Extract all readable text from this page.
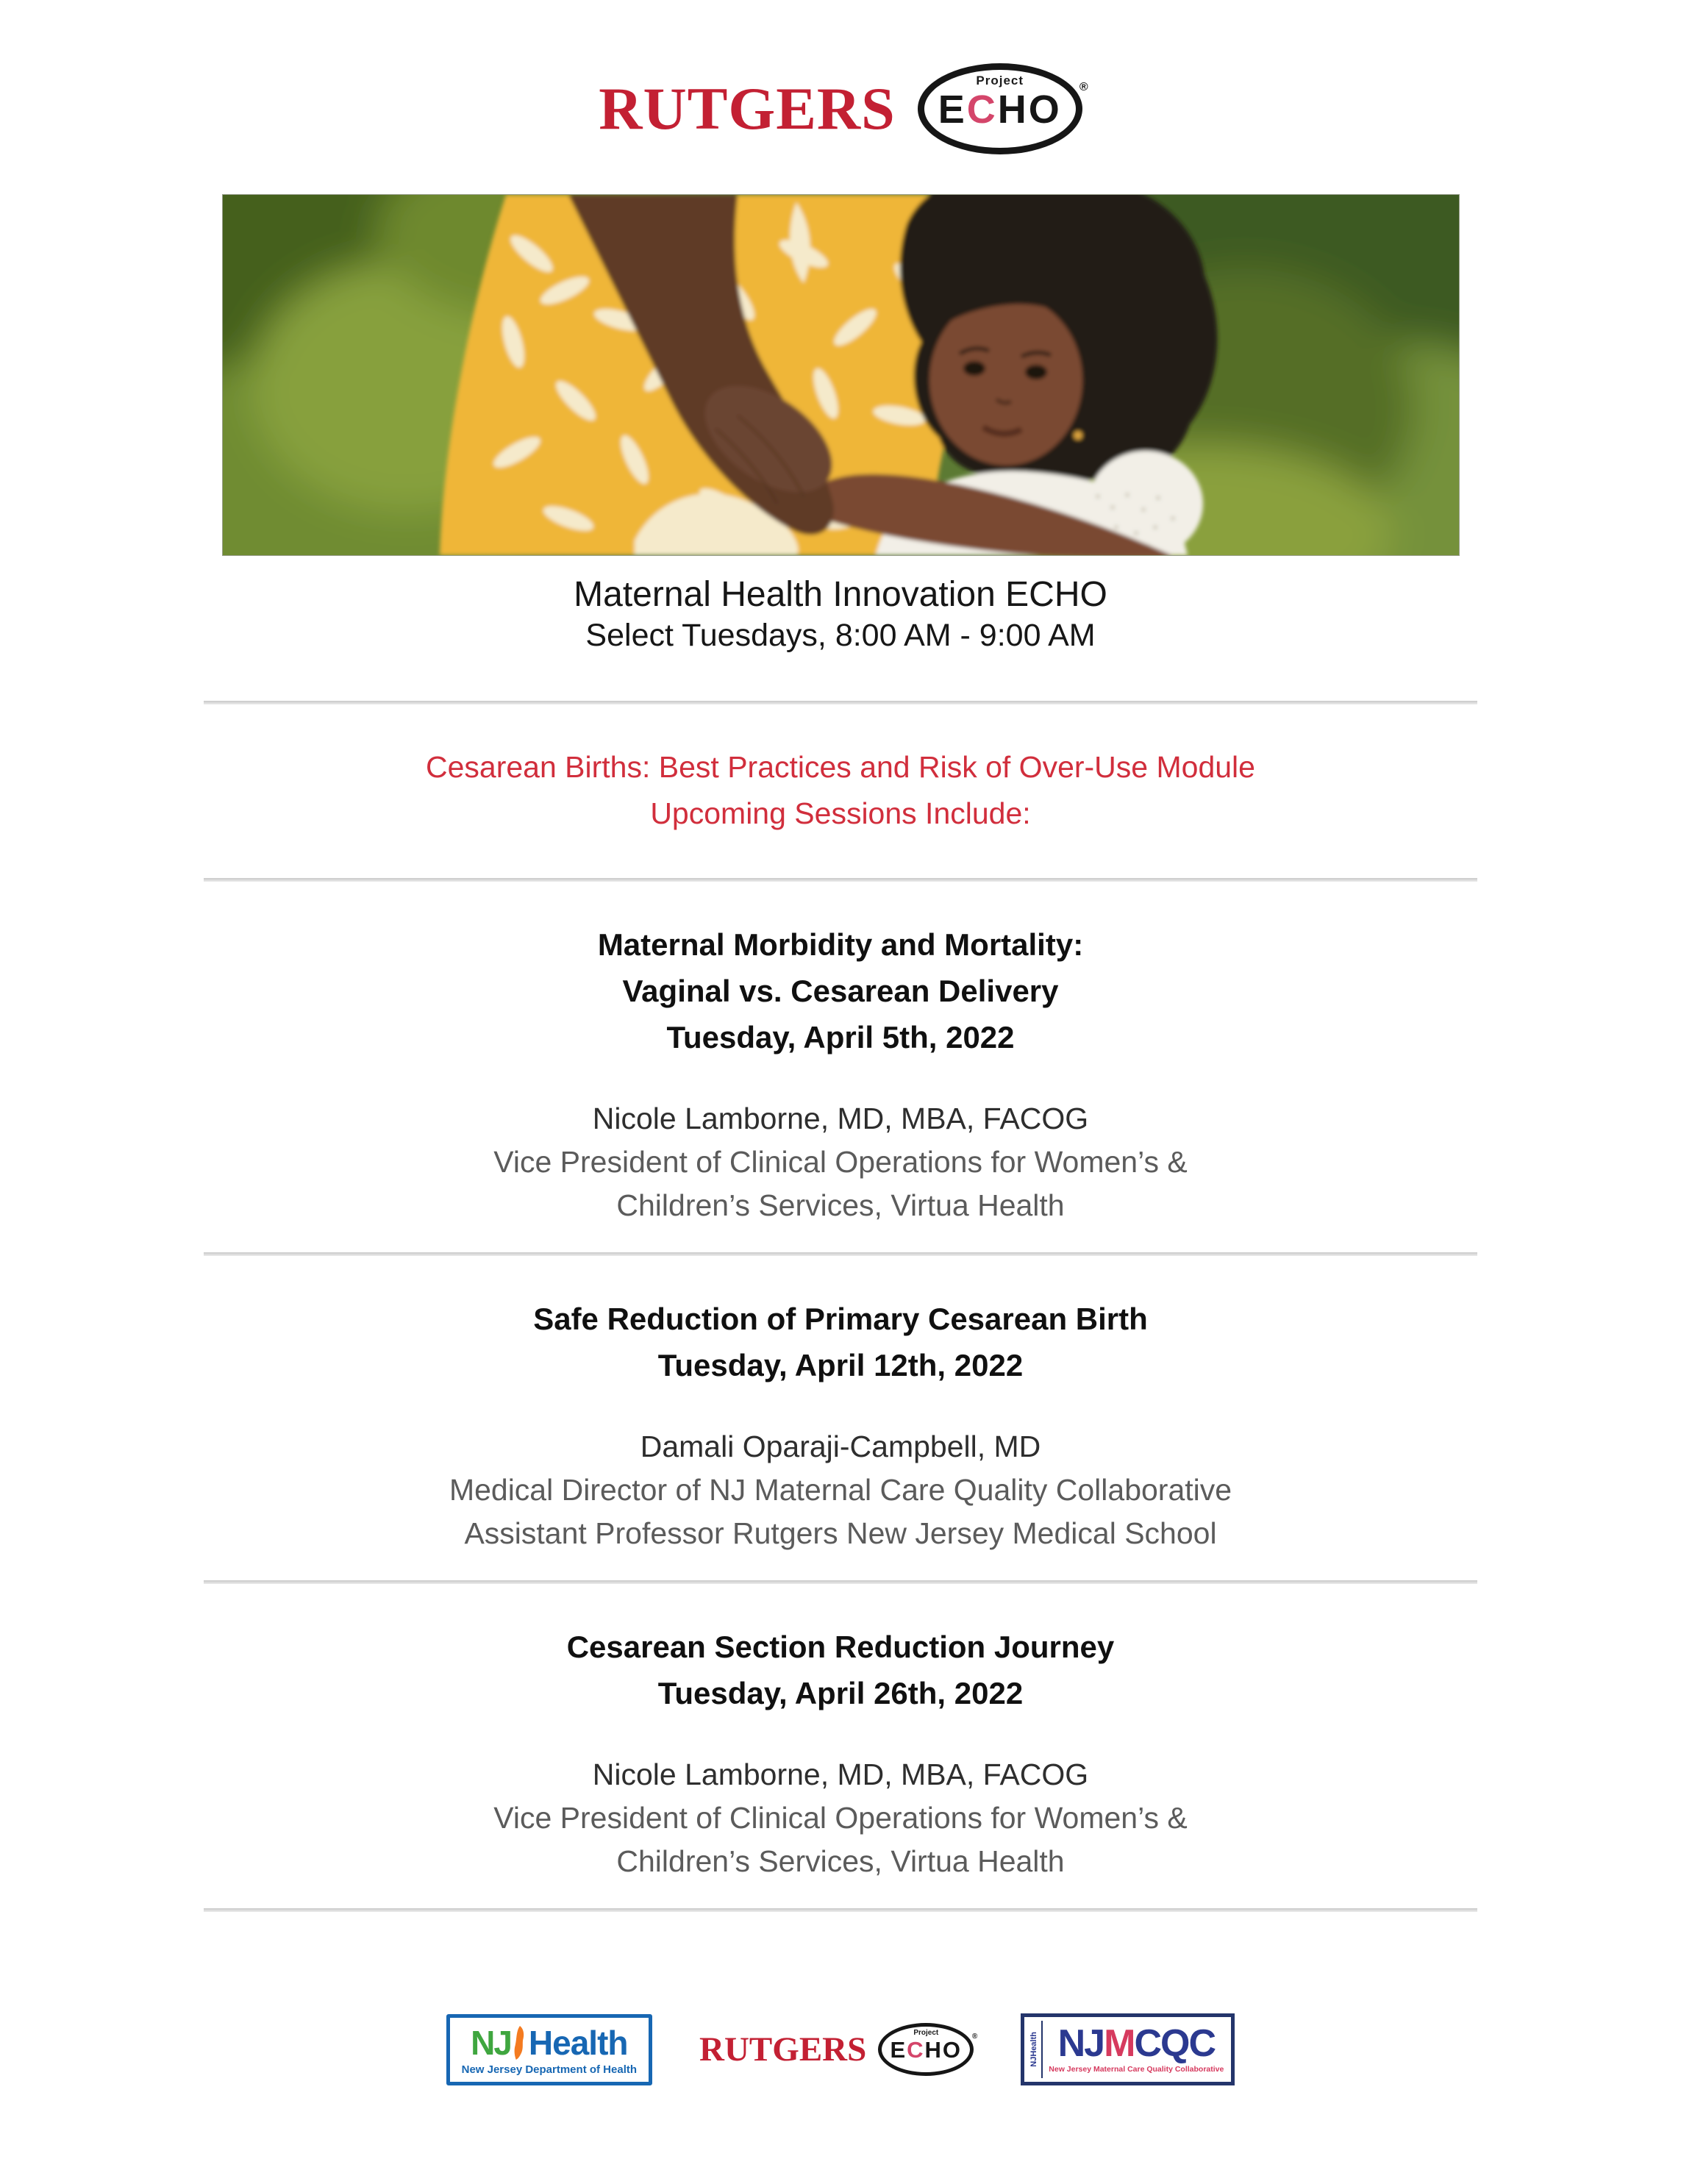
RUTGERS	Project
ECHO
®
Maternal Health Innovation ECHO
Select Tuesdays, 8:00 AM - 9:00 AM
Cesarean Births: Best Practices and Risk of Over-Use Module
Upcoming Sessions Include:
Maternal Morbidity and Mortality:
Vaginal vs. Cesarean Delivery
Tuesday, April 5th, 2022
Nicole Lamborne, MD, MBA, FACOG
Vice President of Clinical Operations for Women’s &
Children’s Services, Virtua Health
Safe Reduction of Primary Cesarean Birth
Tuesday, April 12th, 2022
Damali Oparaji-Campbell, MD
Medical Director of NJ Maternal Care Quality Collaborative
Assistant Professor Rutgers New Jersey Medical School
Cesarean Section Reduction Journey
Tuesday, April 26th, 2022
Nicole Lamborne, MD, MBA, FACOG
Vice President of Clinical Operations for Women’s &
Children’s Services, Virtua Health
NJ Health
New Jersey Department of Health
RUTGERS	Project
ECHO
®	NJHealth NJMCQC
New Jersey Maternal Care Quality Collaborative
